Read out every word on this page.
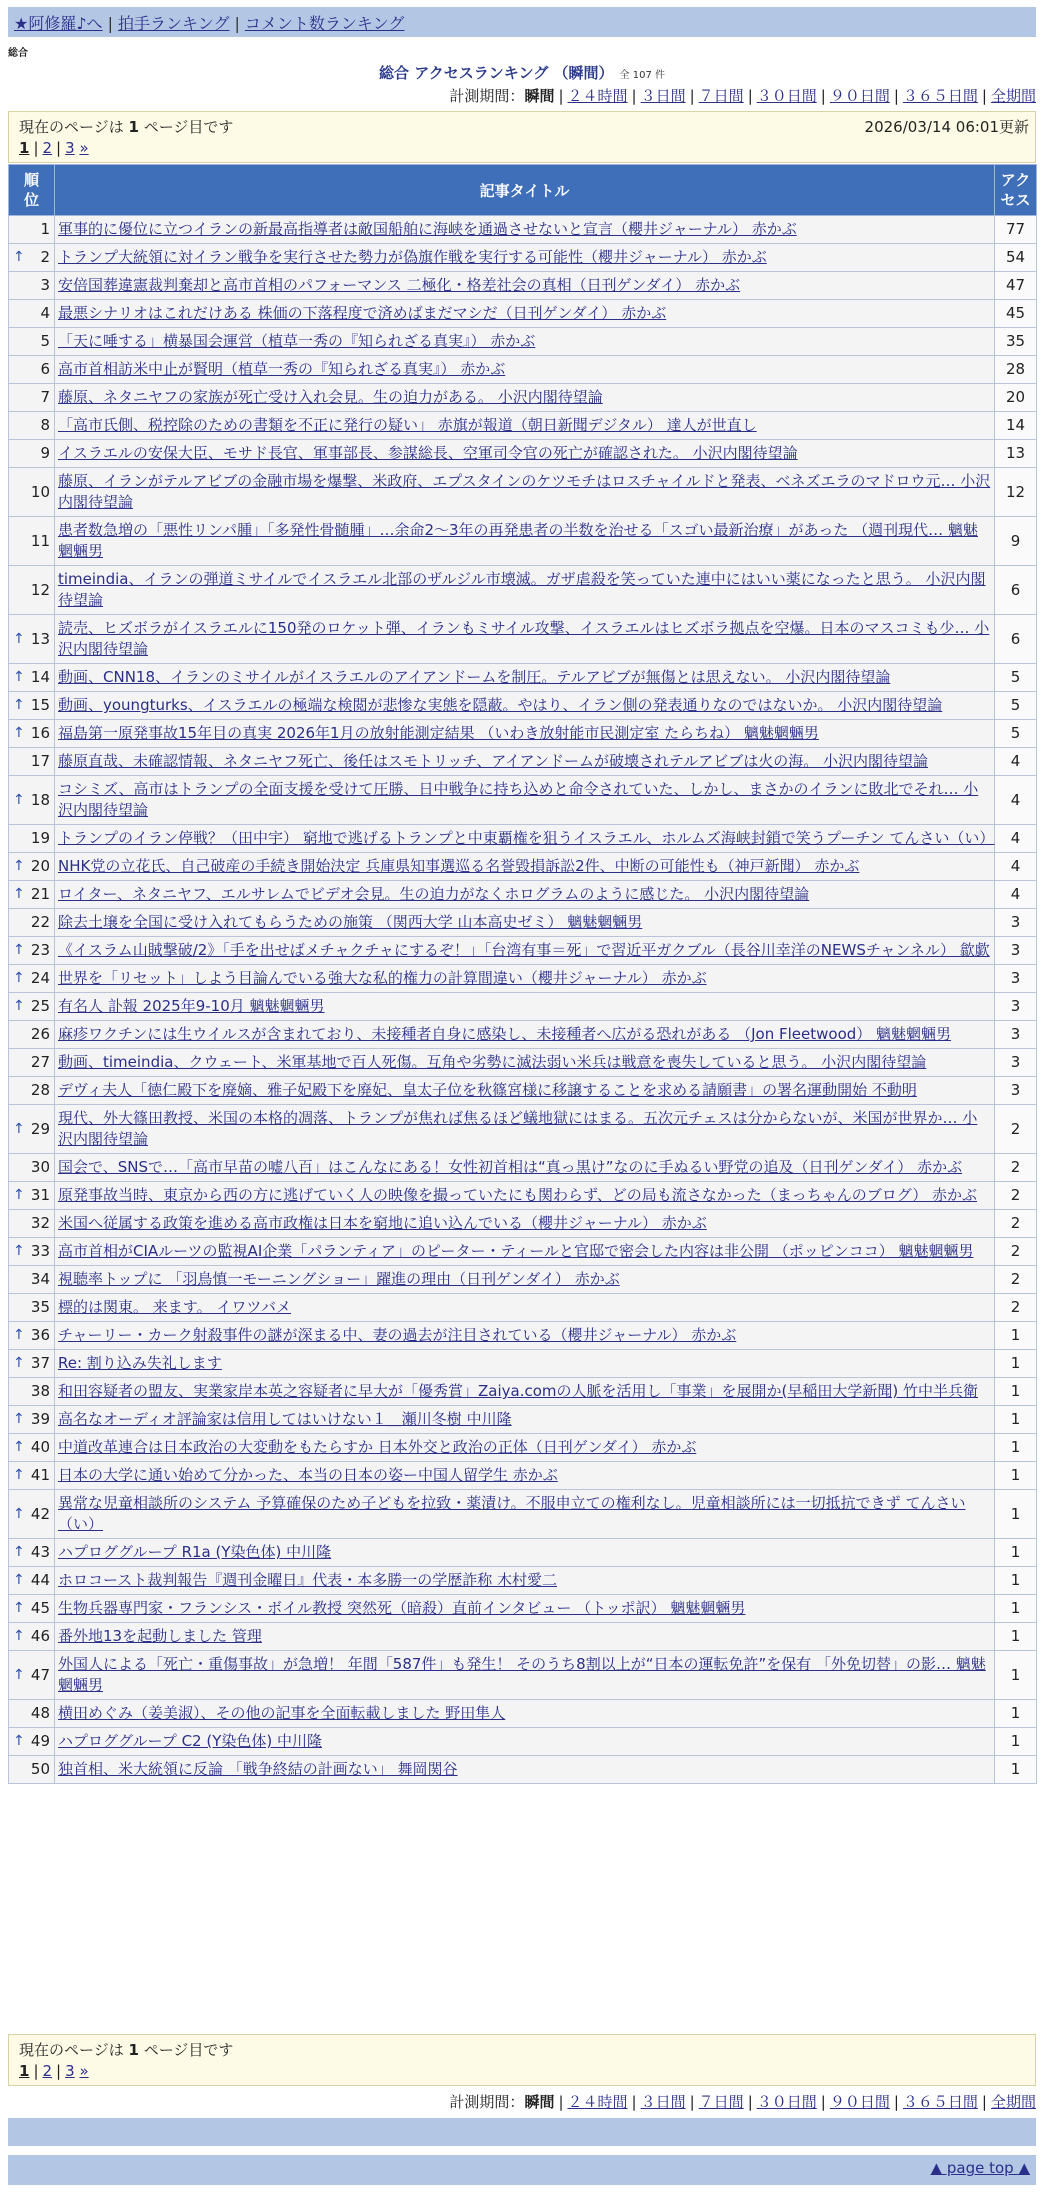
★阿修羅♪へ | 拍手ランキング | コメント数ランキング
総合
総合 アクセスランキング （瞬間） 全 107 件
計測期間：瞬間 | ２４時間 | ３日間 | ７日間 | ３０日間 | ９０日間 | ３６５日間 | 全期間
現在のページは 1 ページ目です	2026/03/14 06:01更新
1 | 2 | 3 »
順位	記事タイトル	アクセス
1	軍事的に優位に立つイランの新最高指導者は敵国船舶に海峡を通過させないと宣言（櫻井ジャーナル） 赤かぶ	77

↑ 2	トランプ大統領に対イラン戦争を実行させた勢力が偽旗作戦を実行する可能性（櫻井ジャーナル） 赤かぶ	54
3	安倍国葬違憲裁判棄却と高市首相のパフォーマンス 二極化・格差社会の真相（日刊ゲンダイ） 赤かぶ	47
4	最悪シナリオはこれだけある 株価の下落程度で済めばまだマシだ（日刊ゲンダイ） 赤かぶ	45
5	「天に唾する」横暴国会運営（植草一秀の『知られざる真実』） 赤かぶ	35
6	高市首相訪米中止が賢明（植草一秀の『知られざる真実』） 赤かぶ	28
7	藤原、ネタニヤフの家族が死亡受け入れ会見。生の迫力がある。 小沢内閣待望論	20
8	「高市氏側、税控除のための書類を不正に発行の疑い」 赤旗が報道（朝日新聞デジタル） 達人が世直し	14
9	イスラエルの安保大臣、モサド長官、軍事部長、参謀総長、空軍司令官の死亡が確認された。 小沢内閣待望論	13
10	藤原、イランがテルアビブの金融市場を爆撃、米政府、エプスタインのケツモチはロスチャイルドと発表、ベネズエラのマドロウ元… 小沢内閣待望論	12
11	患者数急増の「悪性リンパ腫」「多発性骨髄腫」…余命2〜3年の再発患者の半数を治せる「スゴい最新治療」があった （週刊現代… 魑魅魍魎男	9
12	timeindia、イランの弾道ミサイルでイスラエル北部のザルジル市壊滅。ガザ虐殺を笑っていた連中にはいい薬になったと思う。 小沢内閣待望論	6

↑ 13	読売、ヒズボラがイスラエルに150発のロケット弾、イランもミサイル攻撃、イスラエルはヒズボラ拠点を空爆。日本のマスコミも少… 小沢内閣待望論	6

↑ 14	動画、CNN18、イランのミサイルがイスラエルのアイアンドームを制圧。テルアビブが無傷とは思えない。 小沢内閣待望論	5

↑ 15	動画、youngturks、イスラエルの極端な検閲が悲惨な実態を隠蔽。やはり、イラン側の発表通りなのではないか。 小沢内閣待望論	5

↑ 16	福島第一原発事故15年目の真実 2026年1月の放射能測定結果 （いわき放射能市民測定室 たらちね） 魑魅魍魎男	5
17	藤原直哉、未確認情報、ネタニヤフ死亡、後任はスモトリッチ、アイアンドームが破壊されテルアビブは火の海。 小沢内閣待望論	4

↑ 18	コシミズ、高市はトランプの全面支援を受けて圧勝、日中戦争に持ち込めと命令されていた、しかし、まさかのイランに敗北でそれ… 小沢内閣待望論	4
19	トランプのイラン停戦？（田中宇） 窮地で逃げるトランプと中東覇権を狙うイスラエル、ホルムズ海峡封鎖で笑うプーチン てんさい（い）	4

↑ 20	NHK党の立花氏、自己破産の手続き開始決定 兵庫県知事選巡る名誉毀損訴訟2件、中断の可能性も（神戸新聞） 赤かぶ	4

↑ 21	ロイター、ネタニヤフ、エルサレムでビデオ会見。生の迫力がなくホログラムのように感じた。 小沢内閣待望論	4
22	除去土壌を全国に受け入れてもらうための施策 （関西大学 山本高史ゼミ） 魑魅魍魎男	3

↑ 23	《イスラム山賊撃破/2》「手を出せばメチャクチャにするぞ！」「台湾有事＝死」で習近平ガクブル（長谷川幸洋のNEWSチャンネル） 歙歔	3

↑ 24	世界を「リセット」しよう目論んでいる強大な私的権力の計算間違い（櫻井ジャーナル） 赤かぶ	3

↑ 25	有名人 訃報 2025年9-10月 魑魅魍魎男	3
26	麻疹ワクチンには生ウイルスが含まれており、未接種者自身に感染し、未接種者へ広がる恐れがある （Jon Fleetwood） 魑魅魍魎男	3
27	動画、timeindia、クウェート、米軍基地で百人死傷。互角や劣勢に滅法弱い米兵は戦意を喪失していると思う。 小沢内閣待望論	3
28	デヴィ夫人「徳仁殿下を廃嫡、雅子妃殿下を廃妃、皇太子位を秋篠宮様に移譲することを求める請願書」の署名運動開始 不動明	3

↑ 29	現代、外大篠田教授、米国の本格的凋落、トランプが焦れば焦るほど蟻地獄にはまる。五次元チェスは分からないが、米国が世界か… 小沢内閣待望論	2
30	国会で、SNSで…「高市早苗の嘘八百」はこんなにある！女性初首相は“真っ黒け”なのに手ぬるい野党の追及（日刊ゲンダイ） 赤かぶ	2

↑ 31	原発事故当時、東京から西の方に逃げていく人の映像を撮っていたにも関わらず、どの局も流さなかった（まっちゃんのブログ） 赤かぶ	2
32	米国へ従属する政策を進める高市政権は日本を窮地に追い込んでいる（櫻井ジャーナル） 赤かぶ	2

↑ 33	高市首相がCIAルーツの監視AI企業「パランティア」のピーター・ティールと官邸で密会した内容は非公開 （ポッピンココ） 魑魅魍魎男	2
34	視聴率トップに 「羽鳥慎一モーニングショー」躍進の理由（日刊ゲンダイ） 赤かぶ	2
35	標的は関東。 来ます。 イワツバメ	2

↑ 36	チャーリー・カーク射殺事件の謎が深まる中、妻の過去が注目されている（櫻井ジャーナル） 赤かぶ	1

↑ 37	Re: 割り込み失礼します	1
38	和田容疑者の盟友、実業家岸本英之容疑者に早大が「優秀賞」Zaiya.comの人脈を活用し「事業」を展開か(早稲田大学新聞) 竹中半兵衛	1

↑ 39	高名なオーディオ評論家は信用してはいけない１＿瀬川冬樹 中川隆	1

↑ 40	中道改革連合は日本政治の大変動をもたらすか 日本外交と政治の正体（日刊ゲンダイ） 赤かぶ	1

↑ 41	日本の大学に通い始めて分かった、本当の日本の姿ー中国人留学生 赤かぶ	1

↑ 42	異常な児童相談所のシステム 予算確保のため子どもを拉致・薬漬け。不服申立ての権利なし。児童相談所には一切抵抗できず てんさい（い）	1

↑ 43	ハプロググループ R1a (Y染色体) 中川隆	1

↑ 44	ホロコースト裁判報告『週刊金曜日』代表・本多勝一の学歴詐称 木村愛二	1

↑ 45	生物兵器専門家・フランシス・ボイル教授 突然死（暗殺）直前インタビュー （トッポ訳） 魑魅魍魎男	1

↑ 46	番外地13を起動しました 管理	1

↑ 47	外国人による「死亡・重傷事故」が急増！ 年間「587件」も発生！ そのうち8割以上が“日本の運転免許”を保有 「外免切替」の影… 魑魅魍魎男	1
48	横田めぐみ（姜美淑）、その他の記事を全面転載しました 野田隼人	1

↑ 49	ハプロググループ C2 (Y染色体) 中川隆	1
50	独首相、米大統領に反論 「戦争終結の計画ない」 舞岡関谷	1
現在のページは 1 ページ目です
1 | 2 | 3 »
計測期間：瞬間 | ２４時間 | ３日間 | ７日間 | ３０日間 | ９０日間 | ３６５日間 | 全期間
▲ page top ▲
